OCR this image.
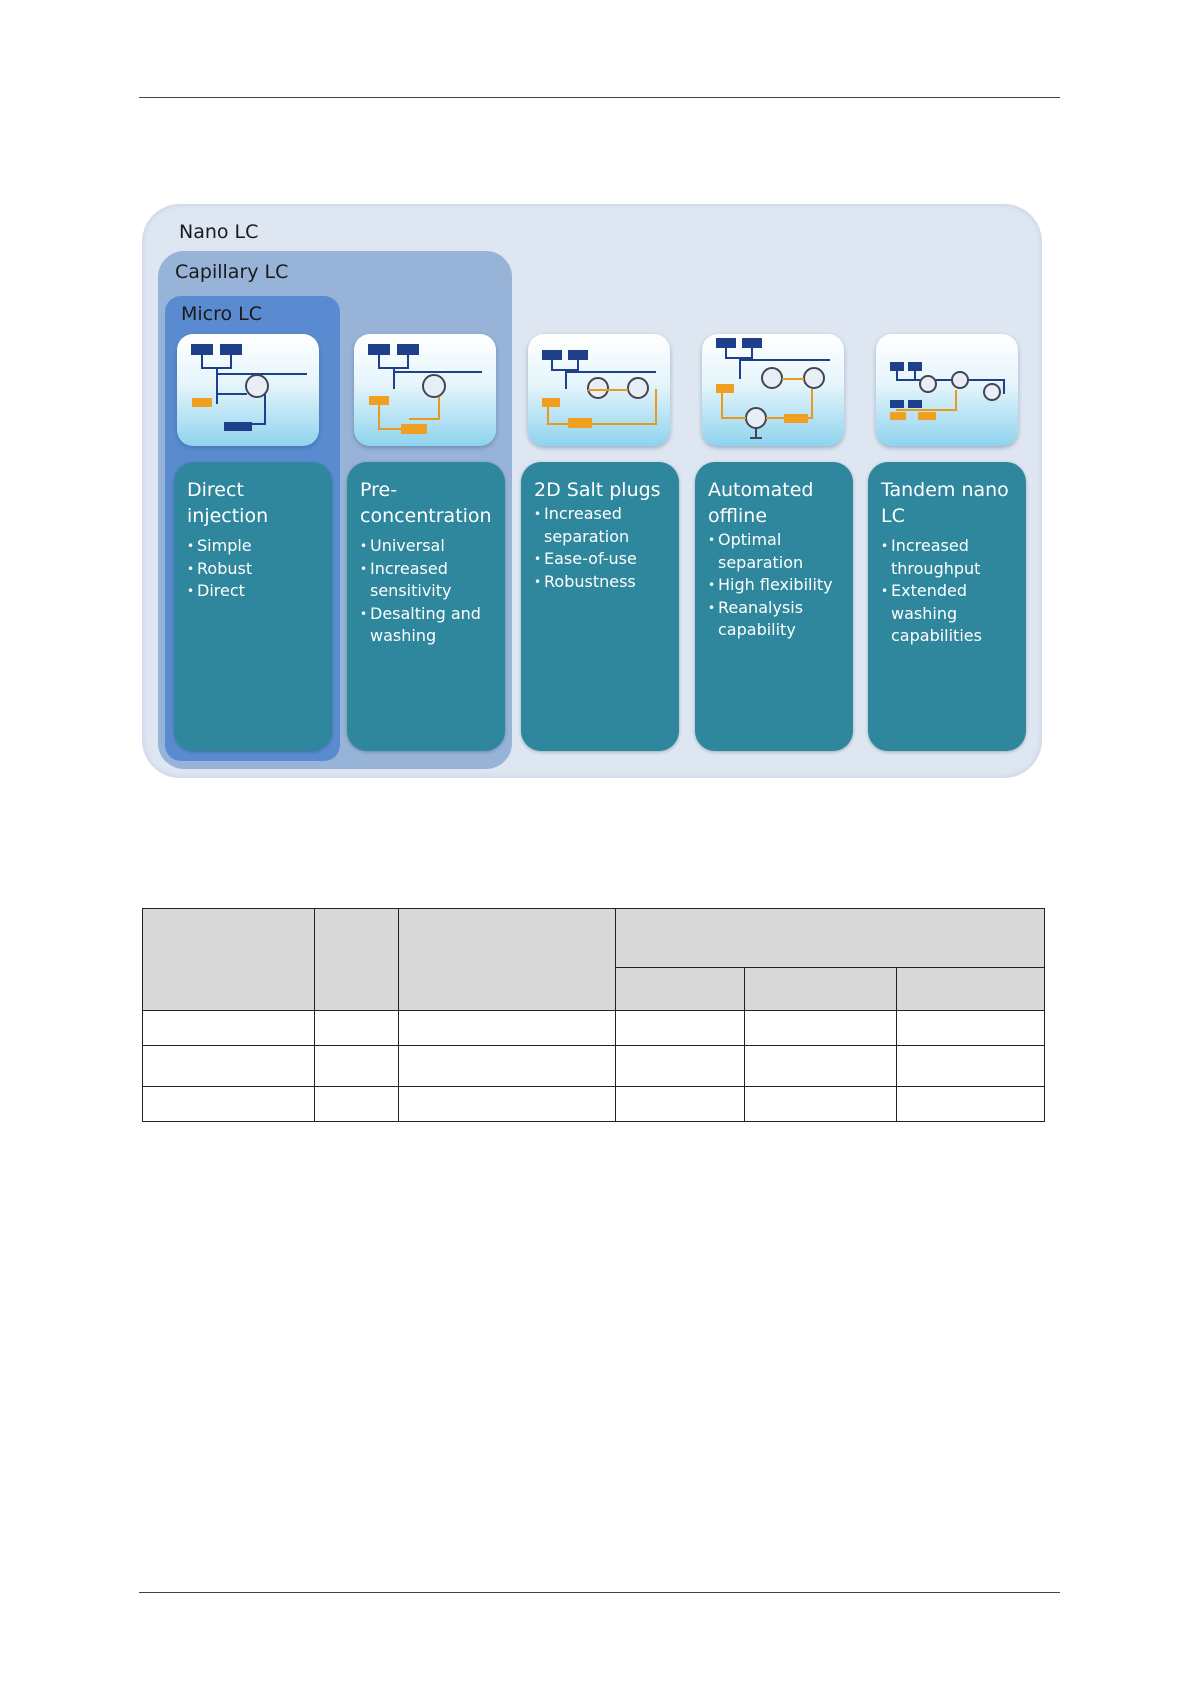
Nano LC
Capillary LC
Micro LC
Direct injection
• Simple
• Robust
• Direct
Pre-concentration
• Universal
• Increased sensitivity
• Desalting and washing
2D Salt plugs
• Increased separation
• Ease-of-use
• Robustness
Automated offline
• Optimal separation
• High flexibility
• Reanalysis capability
Tandem nano LC
• Increased throughput
• Extended washing capabilities
